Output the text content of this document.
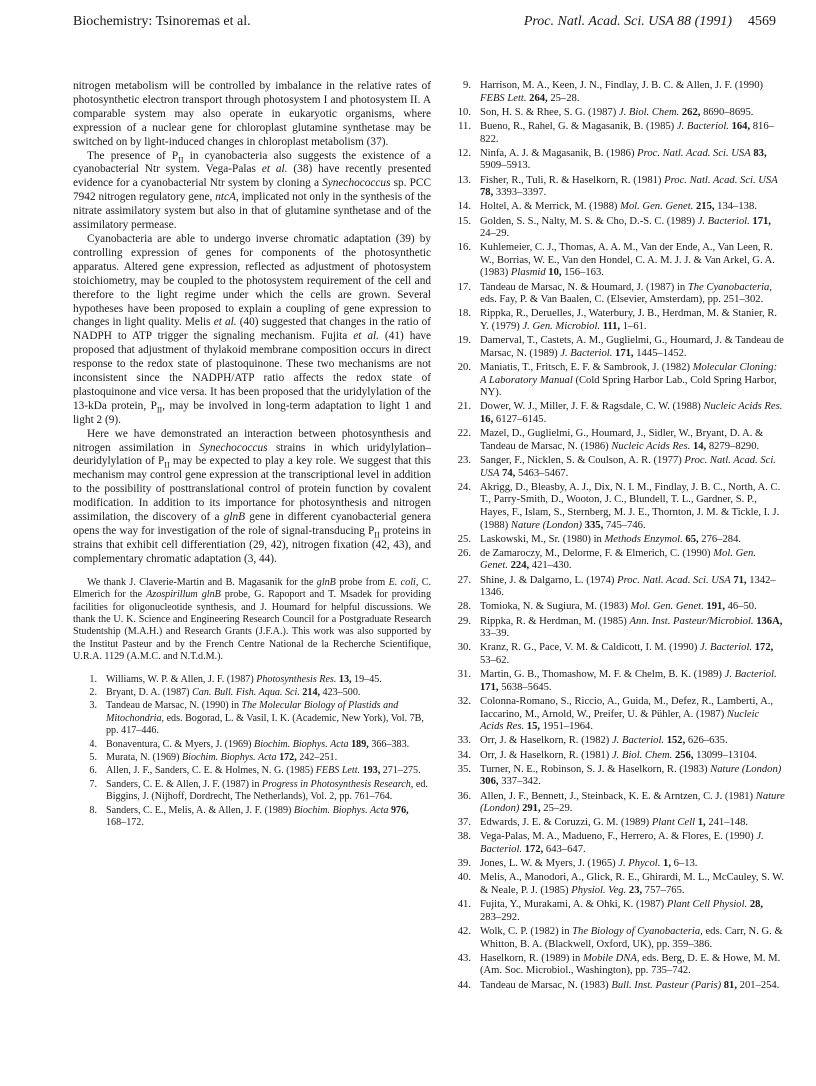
Biochemistry: Tsinoremas et al.	Proc. Natl. Acad. Sci. USA 88 (1991) 4569

nitrogen metabolism will be controlled by imbalance in the relative rates of photosynthetic electron transport through photosystem I and photosystem II. A comparable system may also operate in eukaryotic organisms, where expression of a nuclear gene for chloroplast glutamine synthetase may be switched on by light-induced changes in chloroplast metabolism (37).

The presence of $P_{II}$ in cyanobacteria also suggests the existence of a cyanobacterial Ntr system. Vega-Palas et al. (38) have recently presented evidence for a cyanobacterial Ntr system by cloning a Synechococcus sp. PCC 7942 nitrogen regulatory gene, ntcA, implicated not only in the synthesis of the nitrate assimilatory system but also in that of glutamine synthetase and of the assimilatory permease.

Cyanobacteria are able to undergo inverse chromatic adaptation (39) by controlling expression of genes for components of the photosynthetic apparatus. Altered gene expression, reflected as adjustment of photosystem stoichiometry, may be coupled to the photosystem requirement of the cell and therefore to the light regime under which the cells are grown. Several hypotheses have been proposed to explain a coupling of gene expression to changes in light quality. Melis et al. (40) suggested that changes in the ratio of NADPH to ATP trigger the signaling mechanism. Fujita et al. (41) have proposed that adjustment of thylakoid membrane composition occurs in direct response to the redox state of plastoquinone. These two mechanisms are not inconsistent since the NADPH/ATP ratio affects the redox state of plastoquinone and vice versa. It has been proposed that the uridylylation of the 13-kDa protein, $P_{II}$, may be involved in long-term adaptation to light 1 and light 2 (9).

Here we have demonstrated an interaction between photosynthesis and nitrogen assimilation in Synechococcus strains in which uridylylation–deuridylylation of $P_{II}$ may be expected to play a key role. We suggest that this mechanism may control gene expression at the transcriptional level in addition to the possibility of posttranslational control of protein function by covalent modification. In addition to its importance for photosynthesis and nitrogen assimilation, the discovery of a glnB gene in different cyanobacterial genera opens the way for investigation of the role of signal-transducing $P_{II}$ proteins in strains that exhibit cell differentiation (29, 42), nitrogen fixation (42, 43), and complementary chromatic adaptation (3, 44).

We thank J. Claverie-Martin and B. Magasanik for the glnB probe from E. coli, C. Elmerich for the Azospirillum glnB probe, G. Rapoport and T. Msadek for providing facilities for oligonucleotide synthesis, and J. Houmard for helpful discussions. We thank the U. K. Science and Engineering Research Council for a Postgraduate Research Studentship (M.A.H.) and Research Grants (J.F.A.). This work was also supported by the Institut Pasteur and by the French Centre National de la Recherche Scientifique, U.R.A. 1129 (A.M.C. and N.T.d.M.).

1. Williams, W. P. & Allen, J. F. (1987) Photosynthesis Res. 13, 19–45.
2. Bryant, D. A. (1987) Can. Bull. Fish. Aqua. Sci. 214, 423–500.
3. Tandeau de Marsac, N. (1990) in The Molecular Biology of Plastids and Mitochondria, eds. Bogorad, L. & Vasil, I. K. (Academic, New York), Vol. 7B, pp. 417–446.
4. Bonaventura, C. & Myers, J. (1969) Biochim. Biophys. Acta 189, 366–383.
5. Murata, N. (1969) Biochim. Biophys. Acta 172, 242–251.
6. Allen, J. F., Sanders, C. E. & Holmes, N. G. (1985) FEBS Lett. 193, 271–275.
7. Sanders, C. E. & Allen, J. F. (1987) in Progress in Photosynthesis Research, ed. Biggins, J. (Nijhoff, Dordrecht, The Netherlands), Vol. 2, pp. 761–764.
8. Sanders, C. E., Melis, A. & Allen, J. F. (1989) Biochim. Biophys. Acta 976, 168–172.
9. Harrison, M. A., Keen, J. N., Findlay, J. B. C. & Allen, J. F. (1990) FEBS Lett. 264, 25–28.
10. Son, H. S. & Rhee, S. G. (1987) J. Biol. Chem. 262, 8690–8695.
11. Bueno, R., Rahel, G. & Magasanik, B. (1985) J. Bacteriol. 164, 816–822.
12. Ninfa, A. J. & Magasanik, B. (1986) Proc. Natl. Acad. Sci. USA 83, 5909–5913.
13. Fisher, R., Tuli, R. & Haselkorn, R. (1981) Proc. Natl. Acad. Sci. USA 78, 3393–3397.
14. Holtel, A. & Merrick, M. (1988) Mol. Gen. Genet. 215, 134–138.
15. Golden, S. S., Nalty, M. S. & Cho, D.-S. C. (1989) J. Bacteriol. 171, 24–29.
16. Kuhlemeier, C. J., Thomas, A. A. M., Van der Ende, A., Van Leen, R. W., Borrias, W. E., Van den Hondel, C. A. M. J. J. & Van Arkel, G. A. (1983) Plasmid 10, 156–163.
17. Tandeau de Marsac, N. & Houmard, J. (1987) in The Cyanobacteria, eds. Fay, P. & Van Baalen, C. (Elsevier, Amsterdam), pp. 251–302.
18. Rippka, R., Deruelles, J., Waterbury, J. B., Herdman, M. & Stanier, R. Y. (1979) J. Gen. Microbiol. 111, 1–61.
19. Damerval, T., Castets, A. M., Guglielmi, G., Houmard, J. & Tandeau de Marsac, N. (1989) J. Bacteriol. 171, 1445–1452.
20. Maniatis, T., Fritsch, E. F. & Sambrook, J. (1982) Molecular Cloning: A Laboratory Manual (Cold Spring Harbor Lab., Cold Spring Harbor, NY).
21. Dower, W. J., Miller, J. F. & Ragsdale, C. W. (1988) Nucleic Acids Res. 16, 6127–6145.
22. Mazel, D., Guglielmi, G., Houmard, J., Sidler, W., Bryant, D. A. & Tandeau de Marsac, N. (1986) Nucleic Acids Res. 14, 8279–8290.
23. Sanger, F., Nicklen, S. & Coulson, A. R. (1977) Proc. Natl. Acad. Sci. USA 74, 5463–5467.
24. Akrigg, D., Bleasby, A. J., Dix, N. I. M., Findlay, J. B. C., North, A. C. T., Parry-Smith, D., Wooton, J. C., Blundell, T. L., Gardner, S. P., Hayes, F., Islam, S., Sternberg, M. J. E., Thornton, J. M. & Tickle, I. J. (1988) Nature (London) 335, 745–746.
25. Laskowski, M., Sr. (1980) in Methods Enzymol. 65, 276–284.
26. de Zamaroczy, M., Delorme, F. & Elmerich, C. (1990) Mol. Gen. Genet. 224, 421–430.
27. Shine, J. & Dalgarno, L. (1974) Proc. Natl. Acad. Sci. USA 71, 1342–1346.
28. Tomioka, N. & Sugiura, M. (1983) Mol. Gen. Genet. 191, 46–50.
29. Rippka, R. & Herdman, M. (1985) Ann. Inst. Pasteur/Microbiol. 136A, 33–39.
30. Kranz, R. G., Pace, V. M. & Caldicott, I. M. (1990) J. Bacteriol. 172, 53–62.
31. Martin, G. B., Thomashow, M. F. & Chelm, B. K. (1989) J. Bacteriol. 171, 5638–5645.
32. Colonna-Romano, S., Riccio, A., Guida, M., Defez, R., Lamberti, A., Iaccarino, M., Arnold, W., Preifer, U. & Pühler, A. (1987) Nucleic Acids Res. 15, 1951–1964.
33. Orr, J. & Haselkorn, R. (1982) J. Bacteriol. 152, 626–635.
34. Orr, J. & Haselkorn, R. (1981) J. Biol. Chem. 256, 13099–13104.
35. Turner, N. E., Robinson, S. J. & Haselkorn, R. (1983) Nature (London) 306, 337–342.
36. Allen, J. F., Bennett, J., Steinback, K. E. & Arntzen, C. J. (1981) Nature (London) 291, 25–29.
37. Edwards, J. E. & Coruzzi, G. M. (1989) Plant Cell 1, 241–148.
38. Vega-Palas, M. A., Madueno, F., Herrero, A. & Flores, E. (1990) J. Bacteriol. 172, 643–647.
39. Jones, L. W. & Myers, J. (1965) J. Phycol. 1, 6–13.
40. Melis, A., Manodori, A., Glick, R. E., Ghirardi, M. L., McCauley, S. W. & Neale, P. J. (1985) Physiol. Veg. 23, 757–765.
41. Fujita, Y., Murakami, A. & Ohki, K. (1987) Plant Cell Physiol. 28, 283–292.
42. Wolk, C. P. (1982) in The Biology of Cyanobacteria, eds. Carr, N. G. & Whitton, B. A. (Blackwell, Oxford, UK), pp. 359–386.
43. Haselkorn, R. (1989) in Mobile DNA, eds. Berg, D. E. & Howe, M. M. (Am. Soc. Microbiol., Washington), pp. 735–742.
44. Tandeau de Marsac, N. (1983) Bull. Inst. Pasteur (Paris) 81, 201–254.
